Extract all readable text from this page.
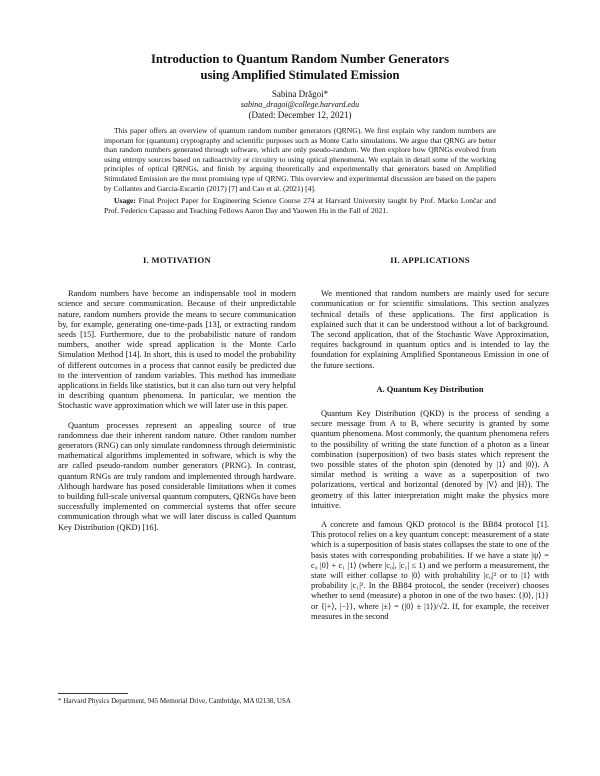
Introduction to Quantum Random Number Generators
using Amplified Stimulated Emission
Sabina Drăgoi*
sabina_dragoi@college.harvard.edu
(Dated: December 12, 2021)

This paper offers an overview of quantum random number generators (QRNG). We first explain why random numbers are important for (quantum) cryptography and scientific purposes such as Monte Carlo simulations. We argue that QRNG are better than random numbers generated through software, which are only pseudo-random. We then explore how QRNGs evolved from using entropy sources based on radioactivity or circuitry to using optical phenomena. We explain in detail some of the working principles of optical QRNGs, and finish by arguing theoretically and experimentally that generators based on Amplified Stimulated Emission are the most promising type of QRNG. This overview and experimental discussion are based on the papers by Collantes and Garcia-Escartin (2017) [7] and Cao et al. (2021) [4].

Usage: Final Project Paper for Engineering Science Course 274 at Harvard University taught by Prof. Marko Lončar and Prof. Federico Capasso and Teaching Fellows Aaron Day and Yaowen Hu in the Fall of 2021.

I. MOTIVATION

Random numbers have become an indispensable tool in modern science and secure communication. Because of their unpredictable nature, random numbers provide the means to secure communication by, for example, generating one-time-pads [13], or extracting random seeds [15]. Furthermore, due to the probabilistic nature of random numbers, another wide spread application is the Monte Carlo Simulation Method [14]. In short, this is used to model the probability of different outcomes in a process that cannot easily be predicted due to the intervention of random variables. This method has immediate applications in fields like statistics, but it can also turn out very helpful in describing quantum phenomena. In particular, we mention the Stochastic wave approximation which we will later use in this paper.

Quantum processes represent an appealing source of true randomness due their inherent random nature. Other random number generators (RNG) can only simulate randomness through deterministic mathematical algorithms implemented in software, which is why the are called pseudo-random number generators (PRNG). In contrast, quantum RNGs are truly random and implemented through hardware. Although hardware has posed considerable limitations when it comes to building full-scale universal quantum computers, QRNGs have been successfully implemented on commercial systems that offer secure communication through what we will later discuss is called Quantum Key Distribution (QKD) [16].

II. APPLICATIONS

We mentioned that random numbers are mainly used for secure communication or for scientific simulations. This section analyzes technical details of these applications. The first application is explained such that it can be understood without a lot of background. The second application, that of the Stochastic Wave Approximation, requires background in quantum optics and is intended to lay the foundation for explaining Amplified Spontaneous Emission in one of the future sections.

A. Quantum Key Distribution

Quantum Key Distribution (QKD) is the process of sending a secure message from A to B, where security is granted by some quantum phenomena. Most commonly, the quantum phenomena refers to the possibility of writing the state function of a photon as a linear combination (superposition) of two basis states which represent the two possible states of the photon spin (denoted by |1⟩ and |0⟩). A similar method is writing a wave as a superposition of two polarizations, vertical and horizontal (denoted by |V⟩ and |H⟩). The geometry of this latter interpretation might make the physics more intuitive.

A concrete and famous QKD protocol is the BB84 protocol [1]. This protocol relies on a key quantum concept: measurement of a state which is a superposition of basis states collapses the state to one of the basis states with corresponding probabilities. If we have a state |ψ⟩ = c₀ |0⟩ + c₁ |1⟩ (where |c₀|, |c₁| ≤ 1) and we perform a measurement, the state will either collapse to |0⟩ with probability |c₀|² or to |1⟩ with probability |c₁|². In the BB84 protocol, the sender (receiver) chooses whether to send (measure) a photon in one of the two bases: {|0⟩, |1⟩} or {|+⟩, |−⟩}, where |±⟩ = (|0⟩ ± |1⟩)/√2. If, for example, the receiver measures in the second

* Harvard Physics Department, 945 Memorial Drive, Cambridge, MA 02138, USA
